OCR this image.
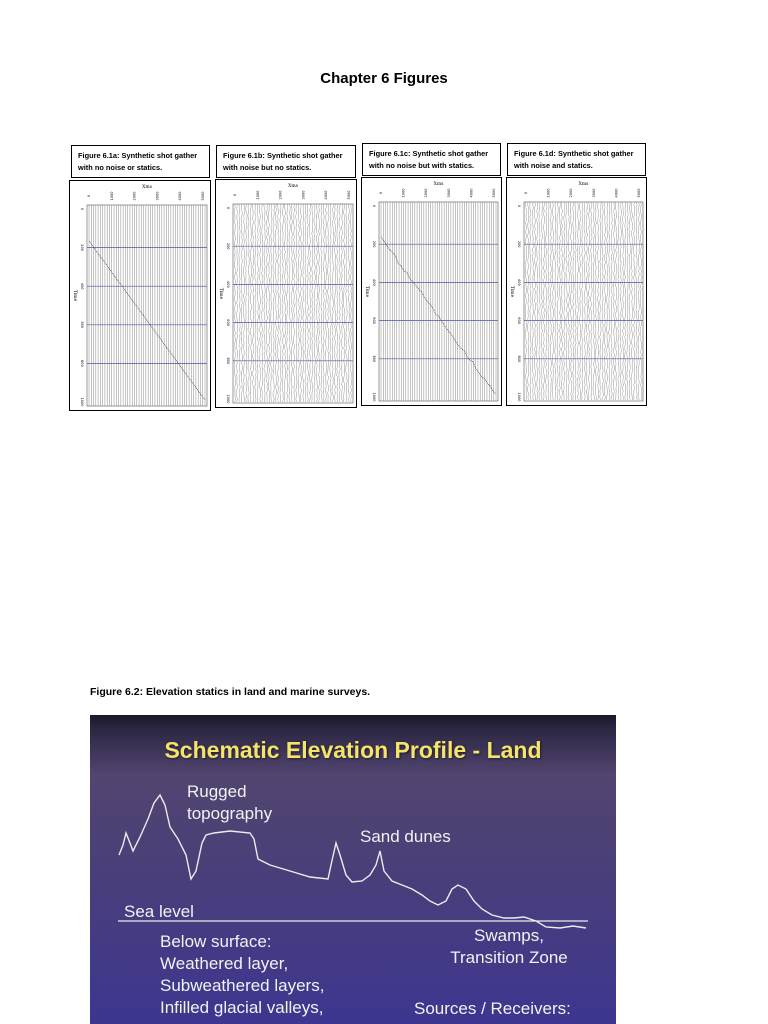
Chapter 6 Figures
Figure 6.1a: Synthetic shot gather
with no noise or statics.
Figure 6.1b: Synthetic shot gather
with noise but no statics.
Figure 6.1c: Synthetic shot gather
with no noise but with statics.
Figure 6.1d: Synthetic shot gather
with noise and statics.
Xms
0	1000	2000	3000	4000	5000
Time
0
200
400
600
800
1000
Xms
0	1000	2000	3000	4000	5000
Time
0
200
400
600
800
1000
Xms
0	1000	2000	3000	4000	5000
Time
0
200
400
600
800
1000
Xms
0	1000	2000	3000	4000	5000
Time
0
200
400
600
800
1000
Figure 6.2: Elevation statics in land and marine surveys.
Schematic Elevation Profile - Land
Rugged
topography
Sand dunes
Sea level
Below surface:
Weathered layer,
Subweathered layers,
Infilled glacial valleys,
Swamps,
Transition Zone
Sources / Receivers:
